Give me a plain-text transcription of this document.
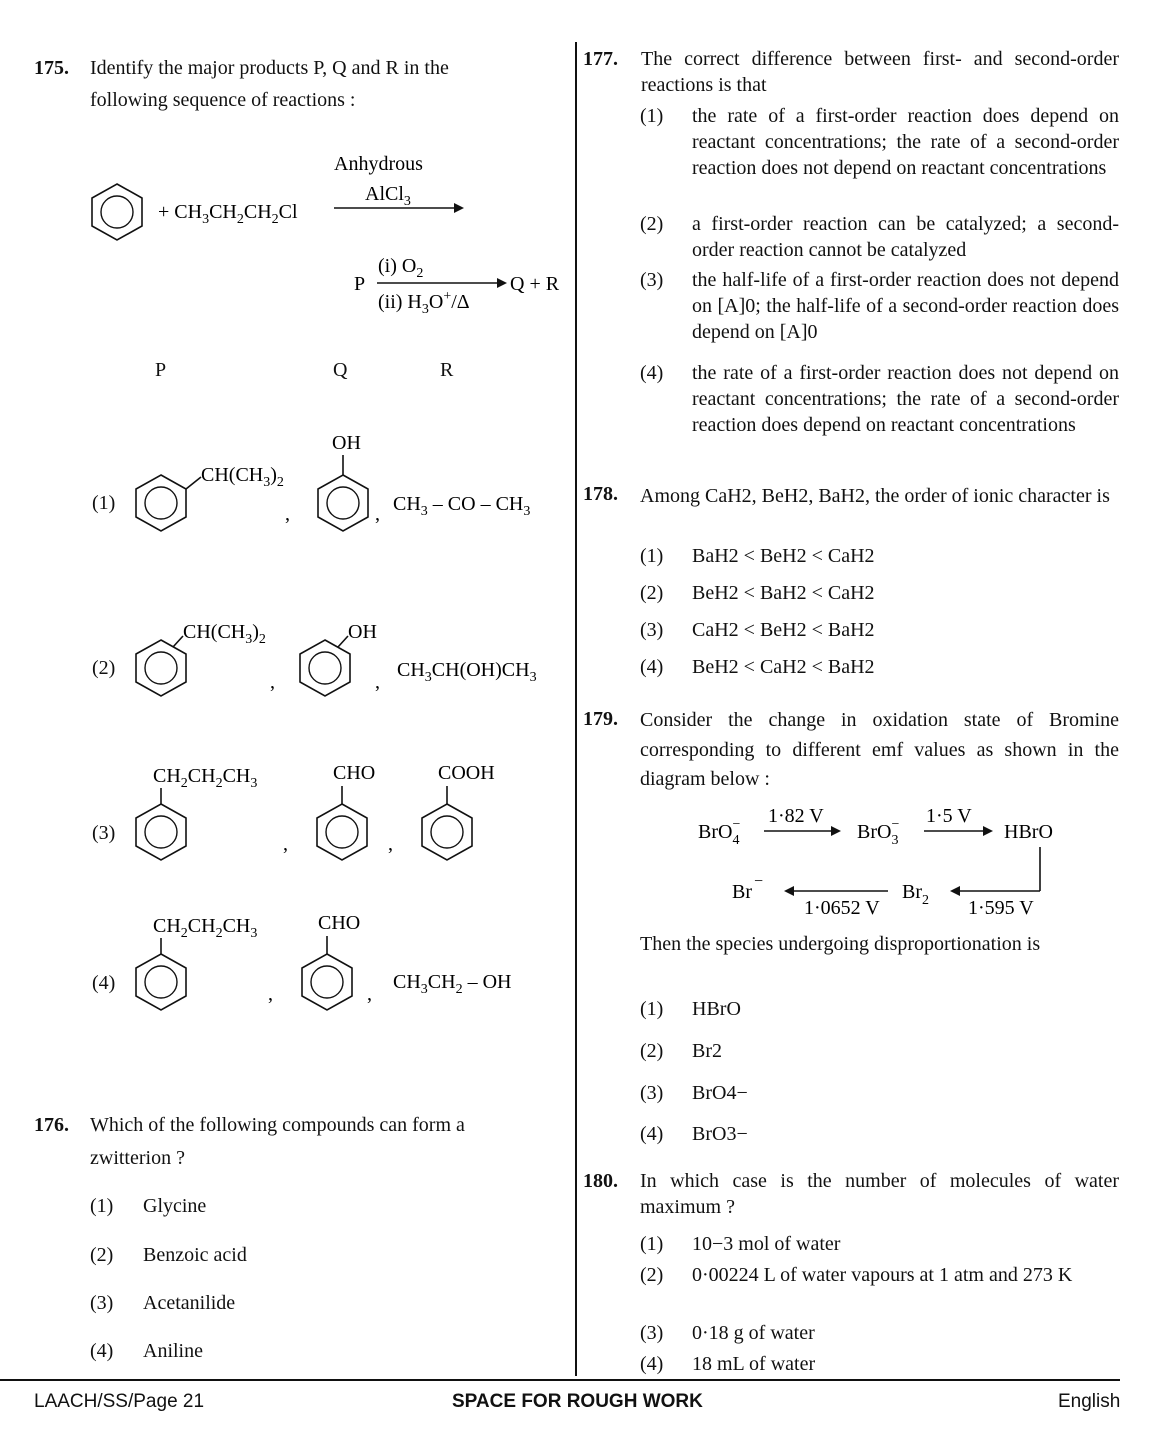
175. Identify the major products P, Q and R in the
following sequence of reactions :
+ $CH_3CH_2CH_2Cl$
Anhydrous
AlCl$_3$
P
(i) $O_2$
(ii) $H_3O^+/\Delta$
Q + R
P	Q	R
(1)
$CH(CH_3)_2$
,
OH
, $CH_3$ – CO – $CH_3$
(2)
$CH(CH_3)_2$
,
OH
,
$CH_3CH(OH)CH_3$
(3)
$CH_2CH_2CH_3$
,
CHO
,
COOH
(4)
$CH_2CH_2CH_3$
,
CHO
,
$CH_3CH_2$ – OH
176. Which of the following compounds can form a
zwitterion ?
(1) Glycine
(2) Benzoic acid
(3) Acetanilide
(4) Aniline
177. The correct difference between first- and second-order reactions is that
(1) the rate of a first-order reaction does depend on reactant concentrations; the rate of a second-order reaction does not depend on reactant concentrations
(2) a first-order reaction can be catalyzed; a second-order reaction cannot be catalyzed
(3) the half-life of a first-order reaction does not depend on [A]0; the half-life of a second-order reaction does depend on [A]0
(4) the rate of a first-order reaction does not depend on reactant concentrations; the rate of a second-order reaction does depend on reactant concentrations
178. Among CaH2, BeH2, BaH2, the order of ionic character is
(1) BaH2 < BeH2 < CaH2
(2) BeH2 < BaH2 < CaH2
(3) CaH2 < BeH2 < BaH2
(4) BeH2 < CaH2 < BaH2
179. Consider the change in oxidation state of Bromine corresponding to different emf values as shown in the diagram below :
BrO$_4$− 1·82 V
BrO$_3$− 1·5 V
HBrO
1·595 V
$Br_2$
1·0652 V
Br −
Then the species undergoing disproportionation is
(1) HBrO
(2) Br2
(3) BrO4−
(4) BrO3−
180. In which case is the number of molecules of water maximum ?
(1) 10−3 mol of water
(2) 0·00224 L of water vapours at 1 atm and 273 K
(3) 0·18 g of water
(4) 18 mL of water
LAACH/SS/Page 21	SPACE FOR ROUGH WORK	English
